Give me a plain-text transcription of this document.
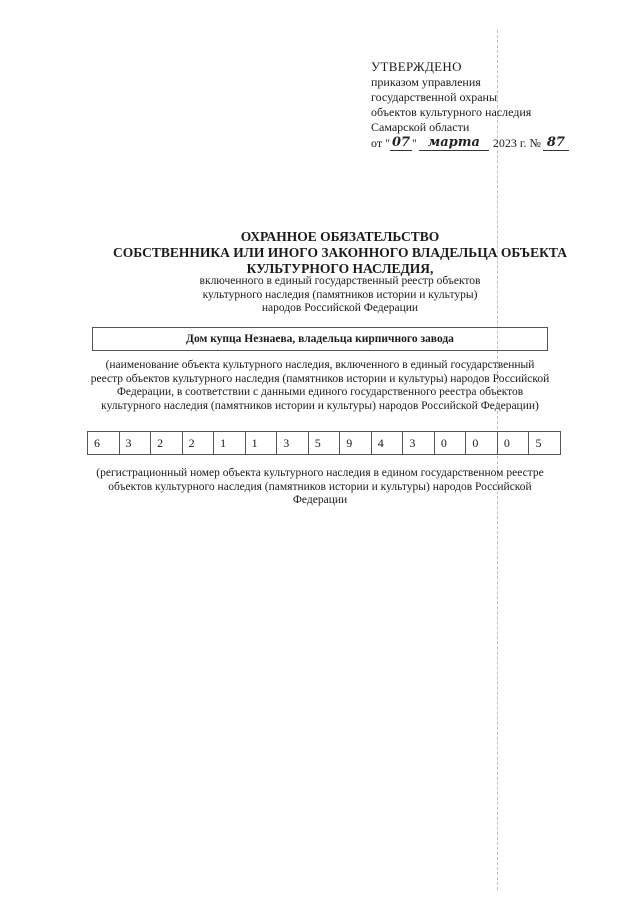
УТВЕРЖДЕНО
приказом управления
государственной охраны
объектов культурного наследия
Самарской области
от " 07 " марта	2023 г. № 87
ОХРАННОЕ ОБЯЗАТЕЛЬСТВО
СОБСТВЕННИКА ИЛИ ИНОГО ЗАКОННОГО ВЛАДЕЛЬЦА ОБЪЕКТА
КУЛЬТУРНОГО НАСЛЕДИЯ,
включенного в единый государственный реестр объектов
культурного наследия (памятников истории и культуры)
народов Российской Федерации
Дом купца Незнаева, владельца кирпичного завода
(наименование объекта культурного наследия, включенного в единый государственный
реестр объектов культурного наследия (памятников истории и культуры) народов Российской
Федерации, в соответствии с данными единого государственного реестра объектов
культурного наследия (памятников истории и культуры) народов Российской Федерации)
6	3	2	2	1	1	3	5	9	4	3	0	0	0	5
(регистрационный номер объекта культурного наследия в едином государственном реестре
объектов культурного наследия (памятников истории и культуры) народов Российской
Федерации
